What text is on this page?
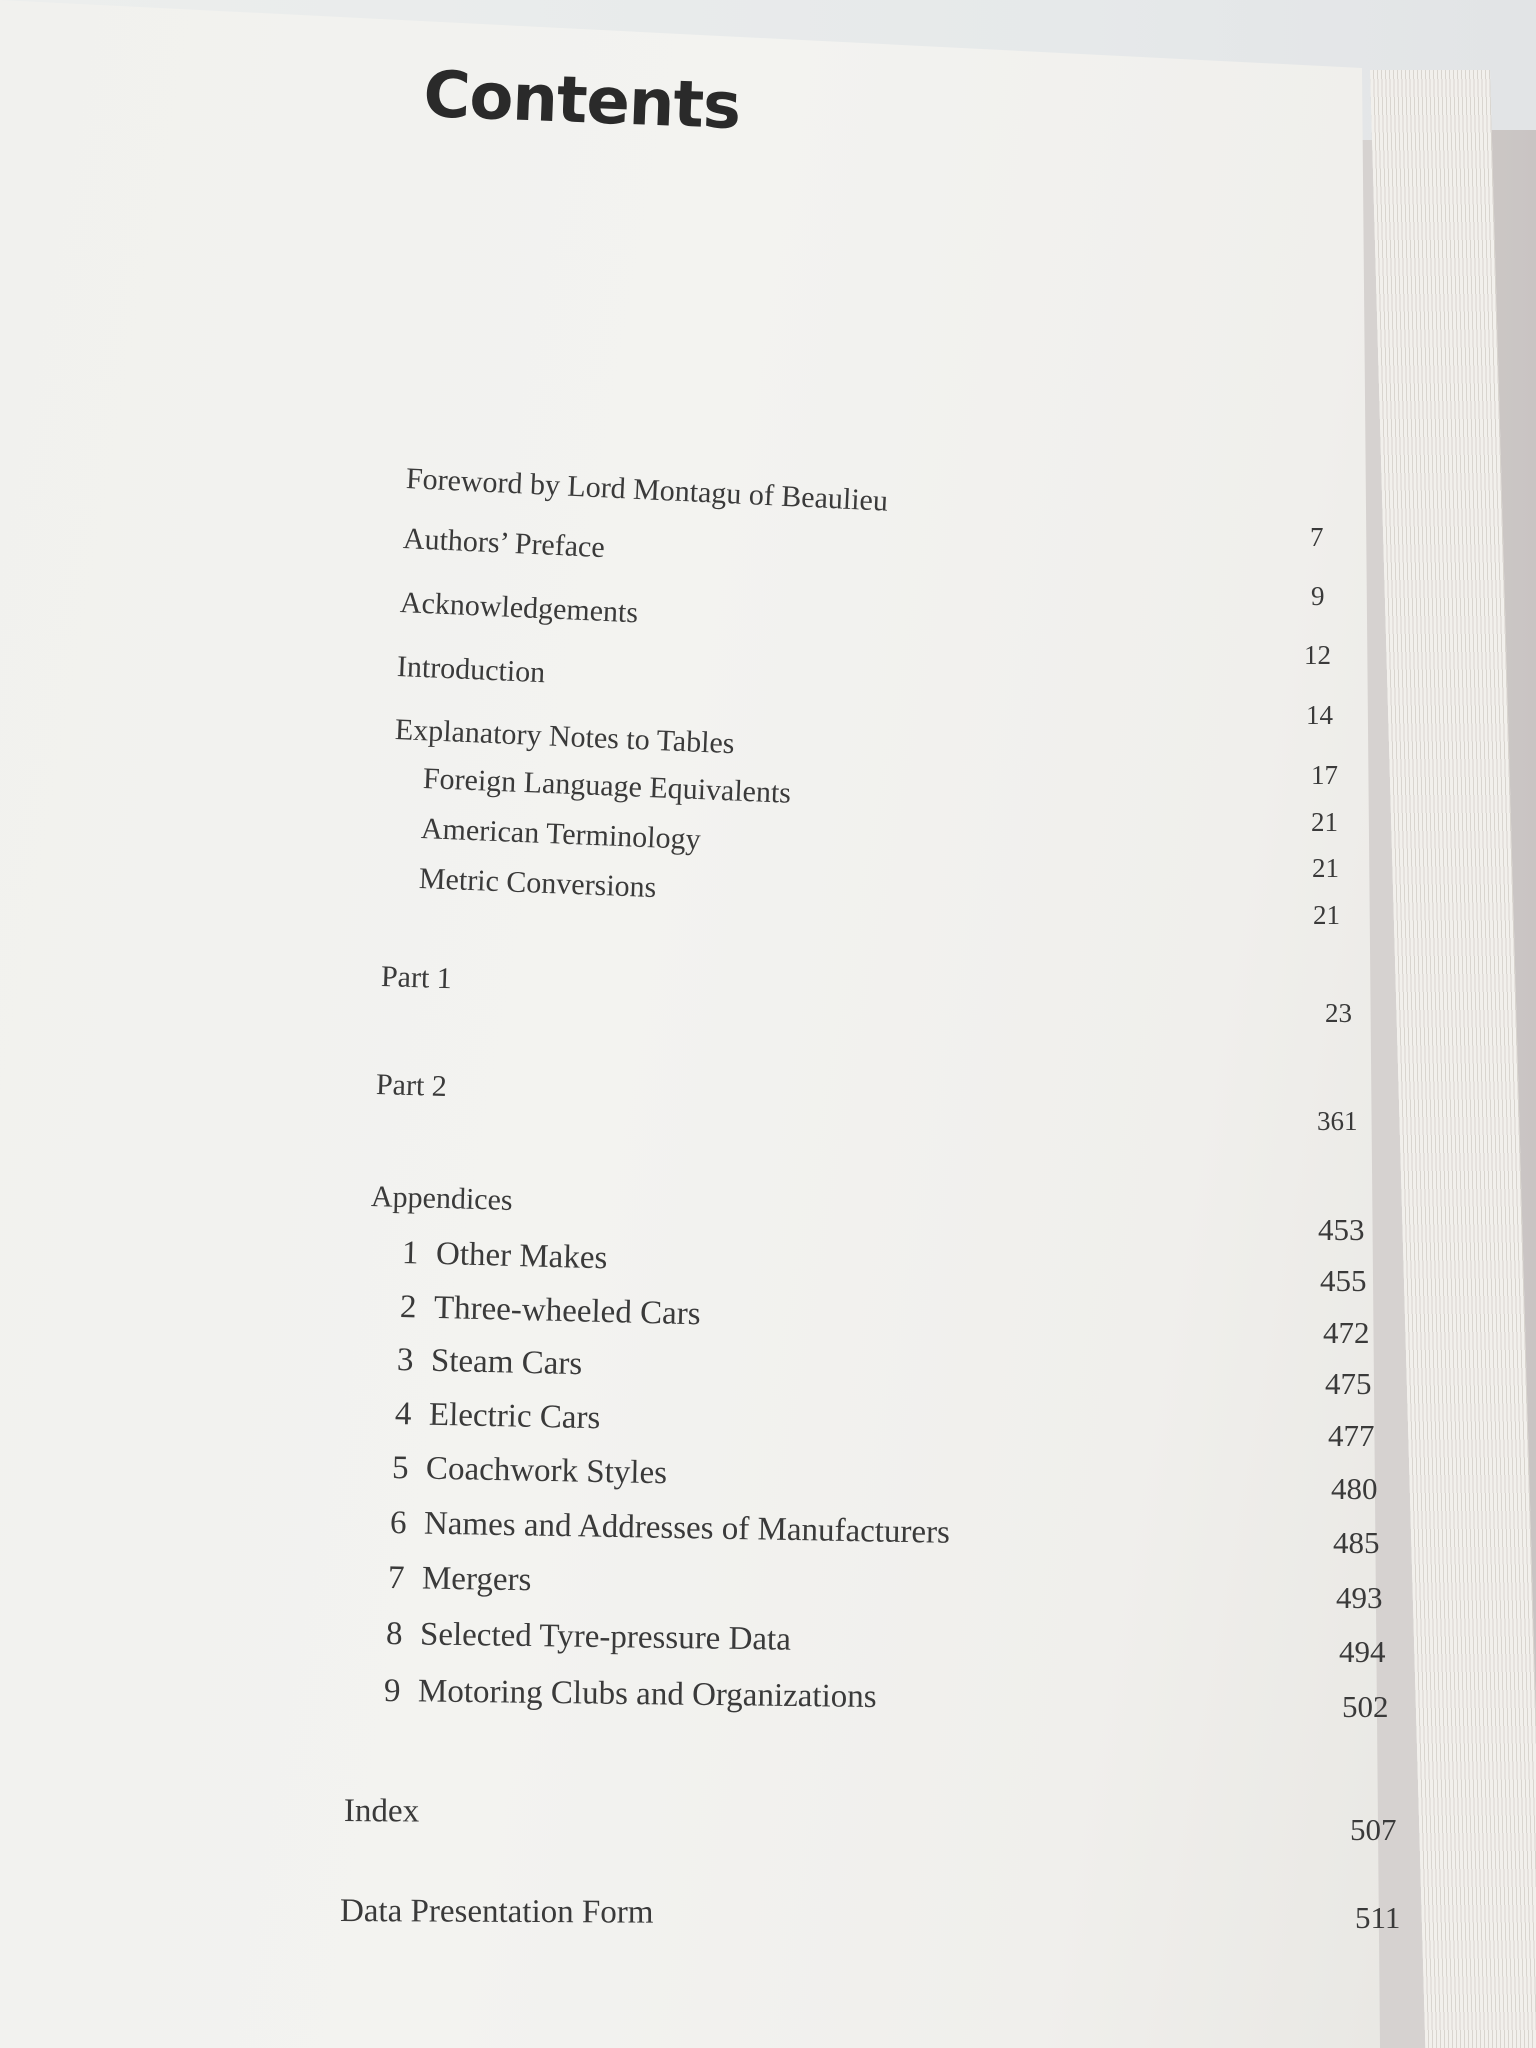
Contents
Foreword by Lord Montagu of Beaulieu
Authors’ Preface
Acknowledgements
Introduction
Explanatory Notes to Tables
Foreign Language Equivalents
American Terminology
Metric Conversions
Part 1
Part 2
Appendices
1 Other Makes
2 Three-wheeled Cars
3 Steam Cars
4 Electric Cars
5 Coachwork Styles
6 Names and Addresses of Manufacturers
7 Mergers
8 Selected Tyre-pressure Data
9 Motoring Clubs and Organizations
Index
Data Presentation Form
7
9
12
14
17
21
21
21
23
361
453
455
472
475
477
480
485
493
494
502
507
511
